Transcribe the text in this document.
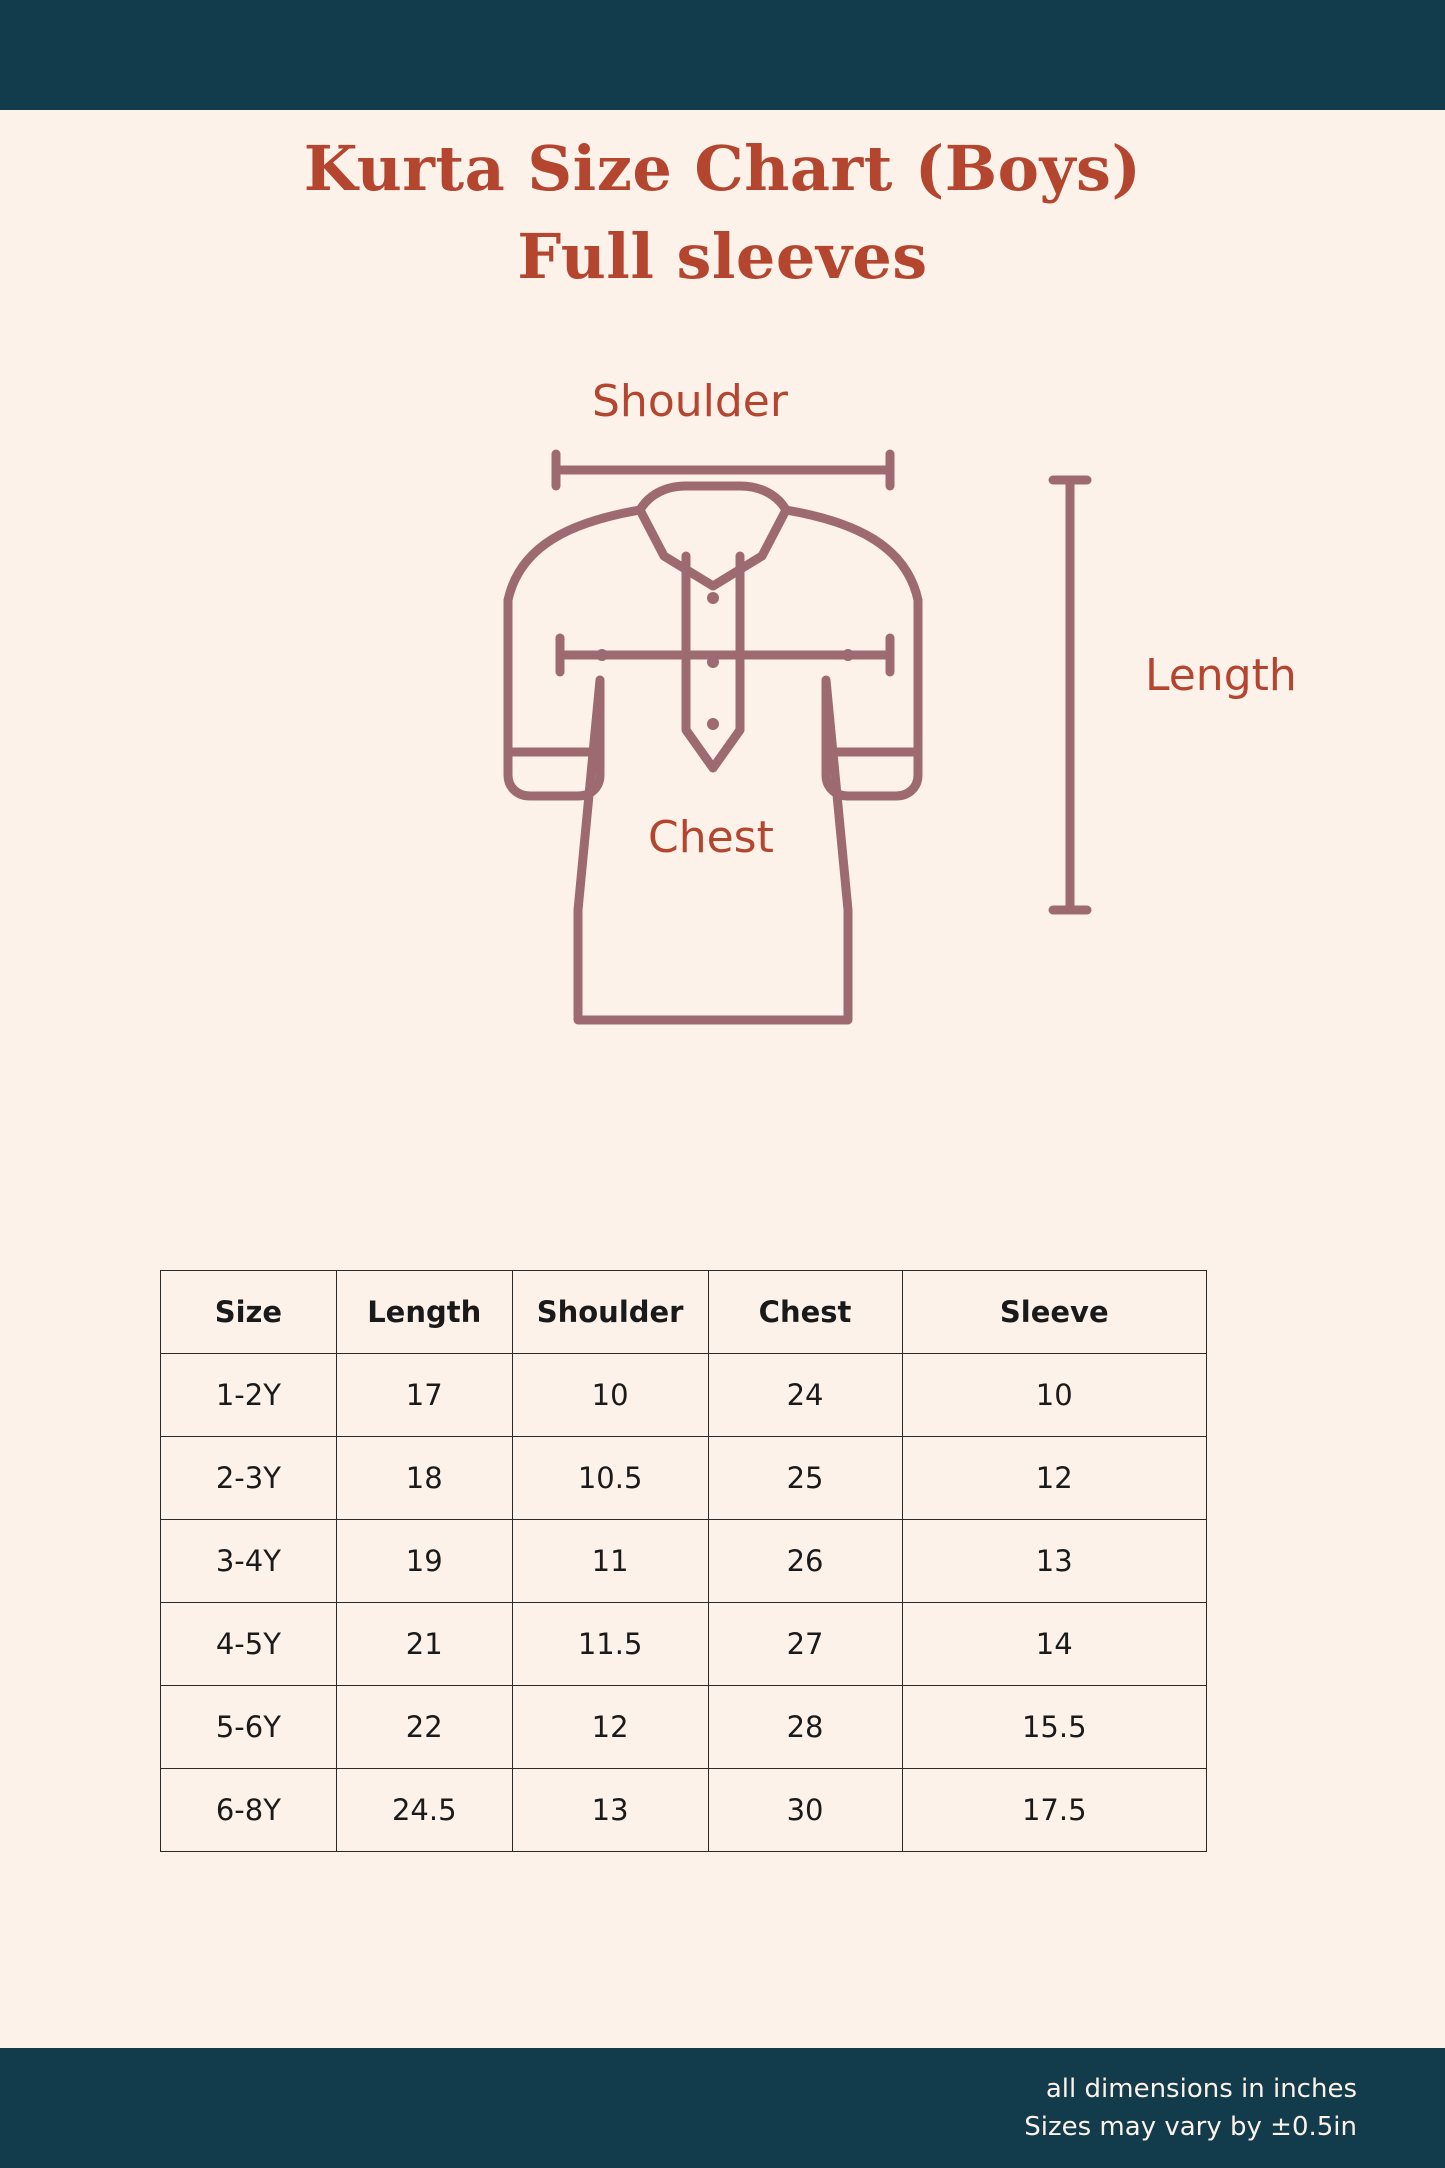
Kurta Size Chart (Boys)
Full sleeves
Shoulder
Chest
Length
Size	Length	Shoulder	Chest	Sleeve
1-2Y	17	10	24	10
2-3Y	18	10.5	25	12
3-4Y	19	11	26	13
4-5Y	21	11.5	27	14
5-6Y	22	12	28	15.5
6-8Y	24.5	13	30	17.5
all dimensions in inches
Sizes may vary by ±0.5in
